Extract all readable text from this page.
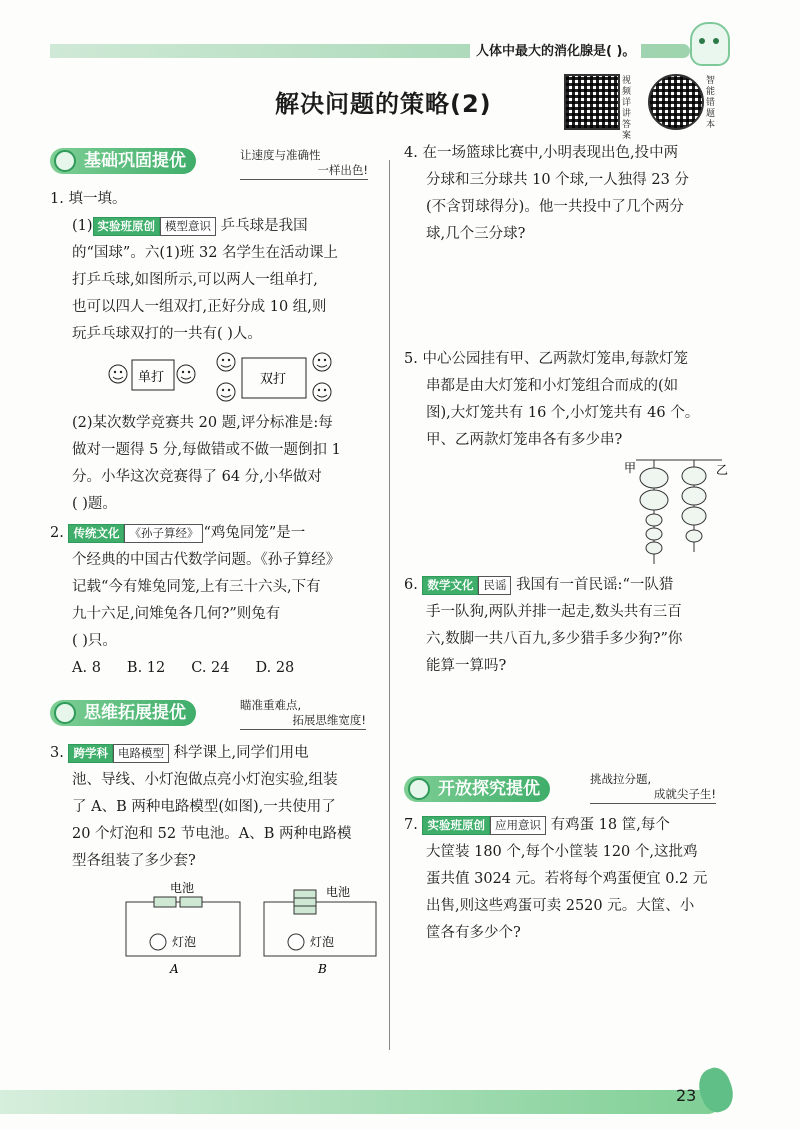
人体中最大的消化腺是( )。
解决问题的策略(2)
视频详讲答案
智能错题本
基础巩固提优	让速度与准确性
一样出色!
1. 填一填。
(1) 实验班原创 模型意识 乒乓球是我国
的“国球”。六(1)班 32 名学生在活动课上
打乒乓球,如图所示,可以两人一组单打,
也可以四人一组双打,正好分成 10 组,则
玩乒乓球双打的一共有( )人。
单打	双打
(2)某次数学竞赛共 20 题,评分标准是:每
做对一题得 5 分,每做错或不做一题倒扣 1
分。小华这次竞赛得了 64 分,小华做对
( )题。
2. 传统文化 《孙子算经》 “鸡兔同笼”是一
个经典的中国古代数学问题。《孙子算经》
记载“今有雉兔同笼,上有三十六头,下有
九十六足,问雉兔各几何?”则兔有
( )只。
A. 8 B. 12 C. 24 D. 28
思维拓展提优	瞄准重难点,
拓展思维宽度!
3. 跨学科 电路模型 科学课上,同学们用电
池、导线、小灯泡做点亮小灯泡实验,组装
了 A、B 两种电路模型(如图),一共使用了
20 个灯泡和 52 节电池。A、B 两种电路模
型各组装了多少套?
电池
灯泡
A
电池
灯泡
B
4. 在一场篮球比赛中,小明表现出色,投中两
分球和三分球共 10 个球,一人独得 23 分
(不含罚球得分)。他一共投中了几个两分
球,几个三分球?
5. 中心公园挂有甲、乙两款灯笼串,每款灯笼
串都是由大灯笼和小灯笼组合而成的(如
图),大灯笼共有 16 个,小灯笼共有 46 个。
甲、乙两款灯笼串各有多少串?
甲	乙
6. 数学文化 民谣 我国有一首民谣:“一队猎
手一队狗,两队并排一起走,数头共有三百
六,数脚一共八百九,多少猎手多少狗?”你
能算一算吗?
开放探究提优	挑战拉分题,
成就尖子生!
7. 实验班原创 应用意识 有鸡蛋 18 筐,每个
大筐装 180 个,每个小筐装 120 个,这批鸡
蛋共值 3024 元。若将每个鸡蛋便宜 0.2 元
出售,则这些鸡蛋可卖 2520 元。大筐、小
筐各有多少个?
23
